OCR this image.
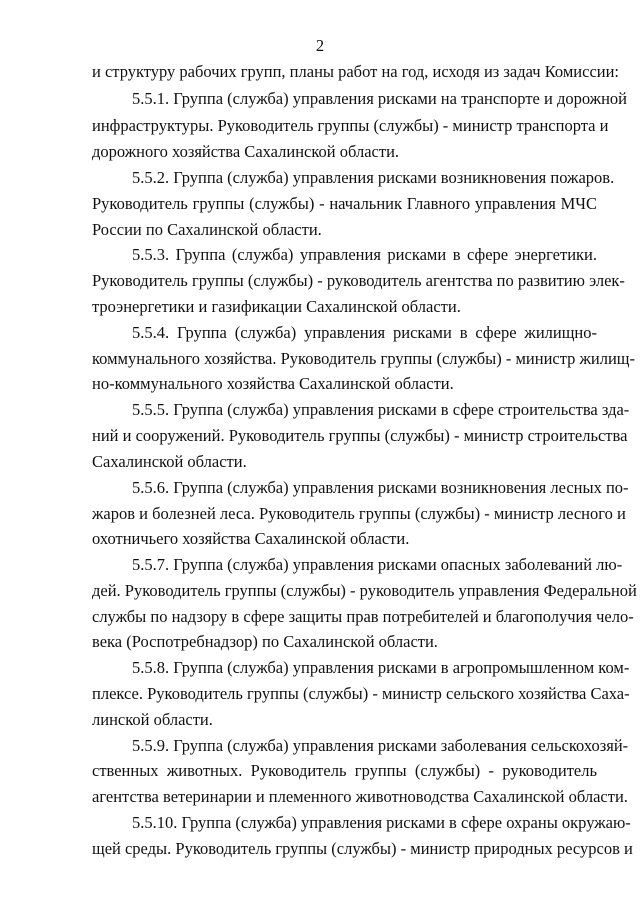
2
и структуру рабочих групп, планы работ на год, исходя из задач Комиссии:
5.5.1. Группа (служба) управления рисками на транспорте и дорожной
инфраструктуры. Руководитель группы (службы) - министр транспорта и
дорожного хозяйства Сахалинской области.
5.5.2. Группа (служба) управления рисками возникновения пожаров.
Руководитель группы (службы) - начальник Главного управления МЧС
России по Сахалинской области.
5.5.3. Группа (служба) управления рисками в сфере энергетики.
Руководитель группы (службы) - руководитель агентства по развитию элек-
троэнергетики и газификации Сахалинской области.
5.5.4. Группа (служба) управления рисками в сфере жилищно-
коммунального хозяйства. Руководитель группы (службы) - министр жилищ-
но-коммунального хозяйства Сахалинской области.
5.5.5. Группа (служба) управления рисками в сфере строительства зда-
ний и сооружений. Руководитель группы (службы) - министр строительства
Сахалинской области.
5.5.6. Группа (служба) управления рисками возникновения лесных по-
жаров и болезней леса. Руководитель группы (службы) - министр лесного и
охотничьего хозяйства Сахалинской области.
5.5.7. Группа (служба) управления рисками опасных заболеваний лю-
дей. Руководитель группы (службы) - руководитель управления Федеральной
службы по надзору в сфере защиты прав потребителей и благополучия чело-
века (Роспотребнадзор) по Сахалинской области.
5.5.8. Группа (служба) управления рисками в агропромышленном ком-
плексе. Руководитель группы (службы) - министр сельского хозяйства Саха-
линской области.
5.5.9. Группа (служба) управления рисками заболевания сельскохозяй-
ственных животных. Руководитель группы (службы) - руководитель
агентства ветеринарии и племенного животноводства Сахалинской области.
5.5.10. Группа (служба) управления рисками в сфере охраны окружаю-
щей среды. Руководитель группы (службы) - министр природных ресурсов и
